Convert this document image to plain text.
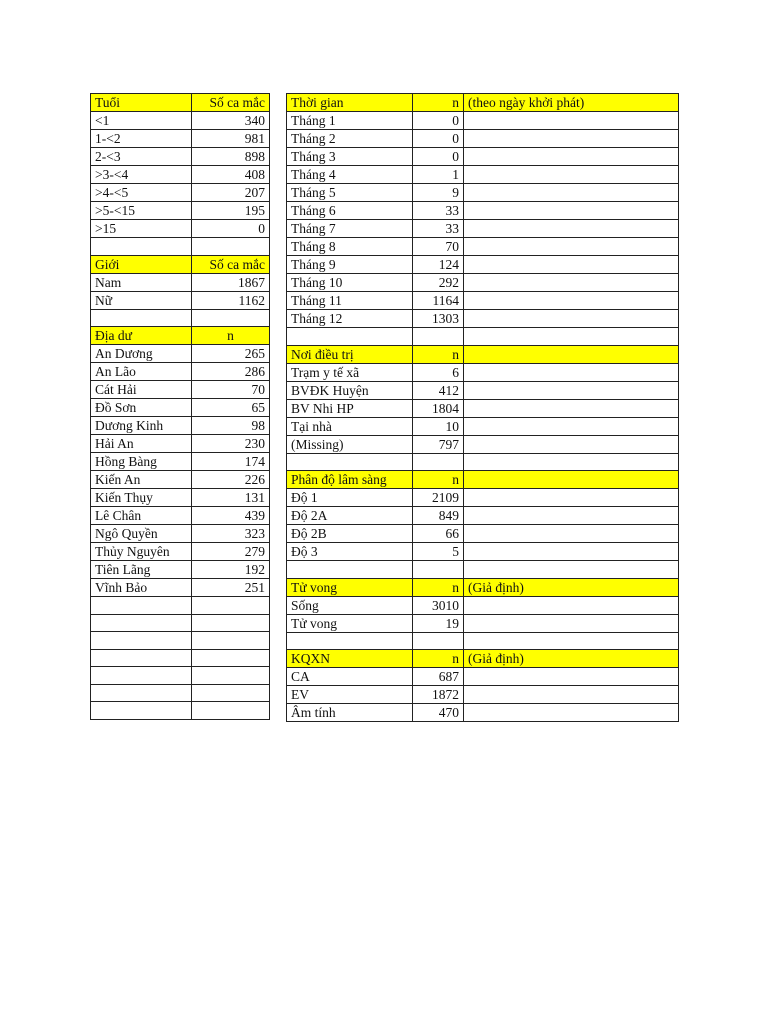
Tuổi	Số ca mắc
<1	340
1-<2	981
2-<3	898
>3-<4	408
>4-<5	207
>5-<15	195
>15	0

Giới	Số ca mắc
Nam	1867
Nữ	1162

Địa dư	n
An Dương	265
An Lão	286
Cát Hải	70
Đồ Sơn	65
Dương Kinh	98
Hải An	230
Hồng Bàng	174
Kiến An	226
Kiến Thụy	131
Lê Chân	439
Ngô Quyền	323
Thủy Nguyên	279
Tiên Lãng	192
Vĩnh Bảo	251

Thời gian	n	(theo ngày khởi phát)
Tháng 1	0	
Tháng 2	0	
Tháng 3	0	
Tháng 4	1	
Tháng 5	9	
Tháng 6	33	
Tháng 7	33	
Tháng 8	70	
Tháng 9	124	
Tháng 10	292	
Tháng 11	1164	
Tháng 12	1303	

Nơi điều trị	n	
Trạm y tế xã	6	
BVĐK Huyện	412	
BV Nhi HP	1804	
Tại nhà	10	
(Missing)	797	

Phân độ lâm sàng	n	
Độ 1	2109	
Độ 2A	849	
Độ 2B	66	
Độ 3	5	

Tử vong	n	(Giả định)
Sống	3010	
Tử vong	19	

KQXN	n	(Giả định)
CA	687	
EV	1872	
Âm tính	470	
